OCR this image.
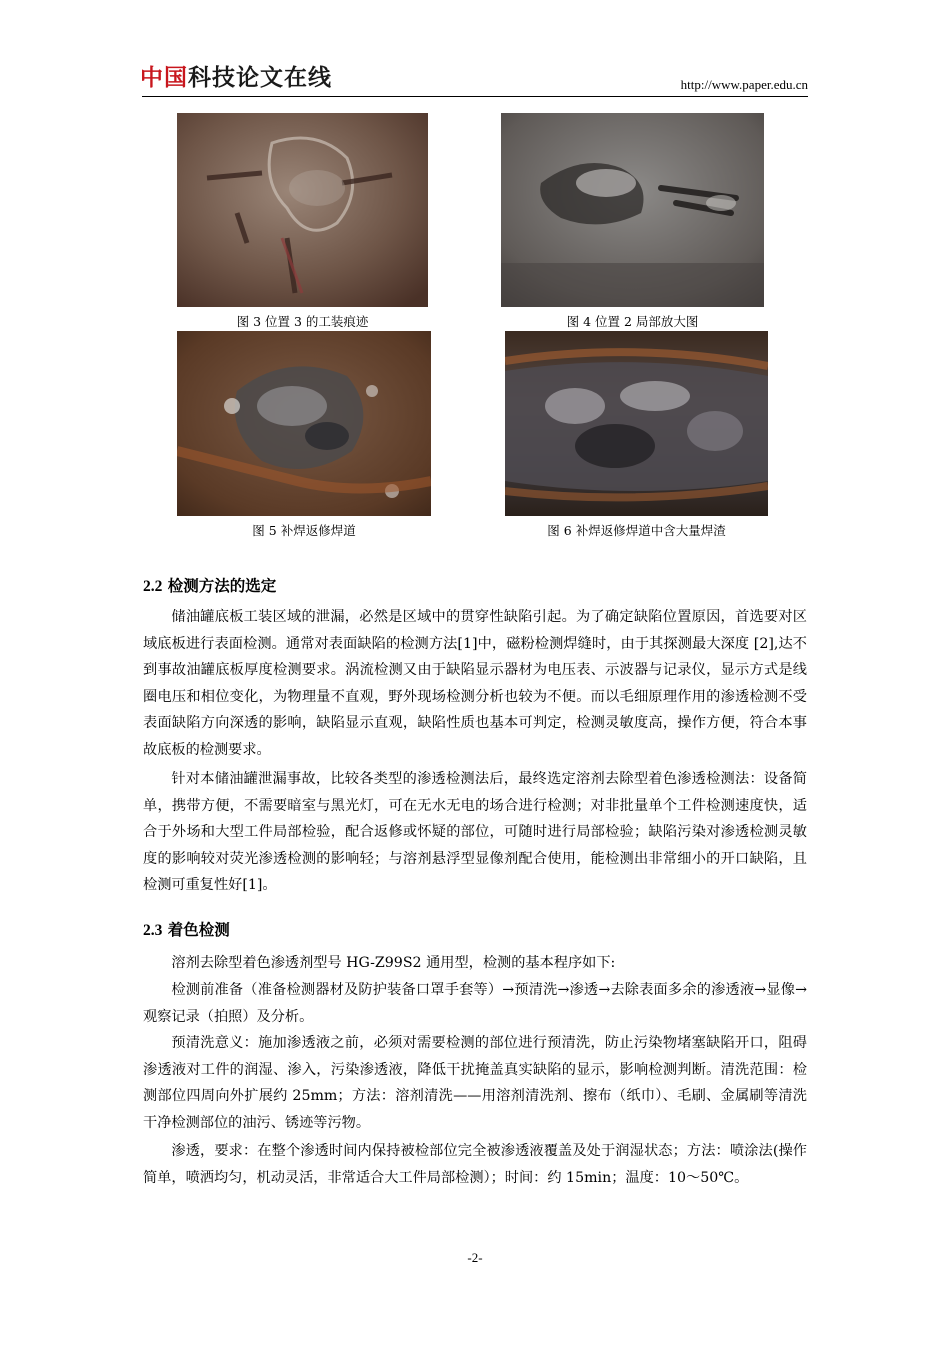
中国科技论文在线	http://www.paper.edu.cn
图 3 位置 3 的工装痕迹	图 4 位置 2 局部放大图
图 5 补焊返修焊道	图 6 补焊返修焊道中含大量焊渣
2.2 检测方法的选定

储油罐底板工装区域的泄漏，必然是区域中的贯穿性缺陷引起。为了确定缺陷位置原因，首选要对区域底板进行表面检测。通常对表面缺陷的检测方法[1]中，磁粉检测焊缝时，由于其探测最大深度 [2],达不到事故油罐底板厚度检测要求。涡流检测又由于缺陷显示器材为电压表、示波器与记录仪，显示方式是线圈电压和相位变化，为物理量不直观，野外现场检测分析也较为不便。而以毛细原理作用的渗透检测不受表面缺陷方向深透的影响，缺陷显示直观，缺陷性质也基本可判定，检测灵敏度高，操作方便，符合本事故底板的检测要求。

针对本储油罐泄漏事故，比较各类型的渗透检测法后，最终选定溶剂去除型着色渗透检测法：设备简单，携带方便，不需要暗室与黑光灯，可在无水无电的场合进行检测；对非批量单个工件检测速度快，适合于外场和大型工件局部检验，配合返修或怀疑的部位，可随时进行局部检验；缺陷污染对渗透检测灵敏度的影响较对荧光渗透检测的影响轻；与溶剂悬浮型显像剂配合使用，能检测出非常细小的开口缺陷，且检测可重复性好[1]。

2.3 着色检测

溶剂去除型着色渗透剂型号 HG-Z99S2 通用型，检测的基本程序如下:

检测前准备（准备检测器材及防护装备口罩手套等）→预清洗→渗透→去除表面多余的渗透液→显像→观察记录（拍照）及分析。

预清洗意义：施加渗透液之前，必须对需要检测的部位进行预清洗，防止污染物堵塞缺陷开口，阻碍渗透液对工件的润湿、渗入，污染渗透液，降低干扰掩盖真实缺陷的显示，影响检测判断。清洗范围：检测部位四周向外扩展约 25mm；方法：溶剂清洗——用溶剂清洗剂、擦布（纸巾）、毛刷、金属刷等清洗干净检测部位的油污、锈迹等污物。

渗透，要求：在整个渗透时间内保持被检部位完全被渗透液覆盖及处于润湿状态；方法：喷涂法(操作简单，喷洒均匀，机动灵活，非常适合大工件局部检测）；时间：约 15min；温度：10～50℃。

-2-
